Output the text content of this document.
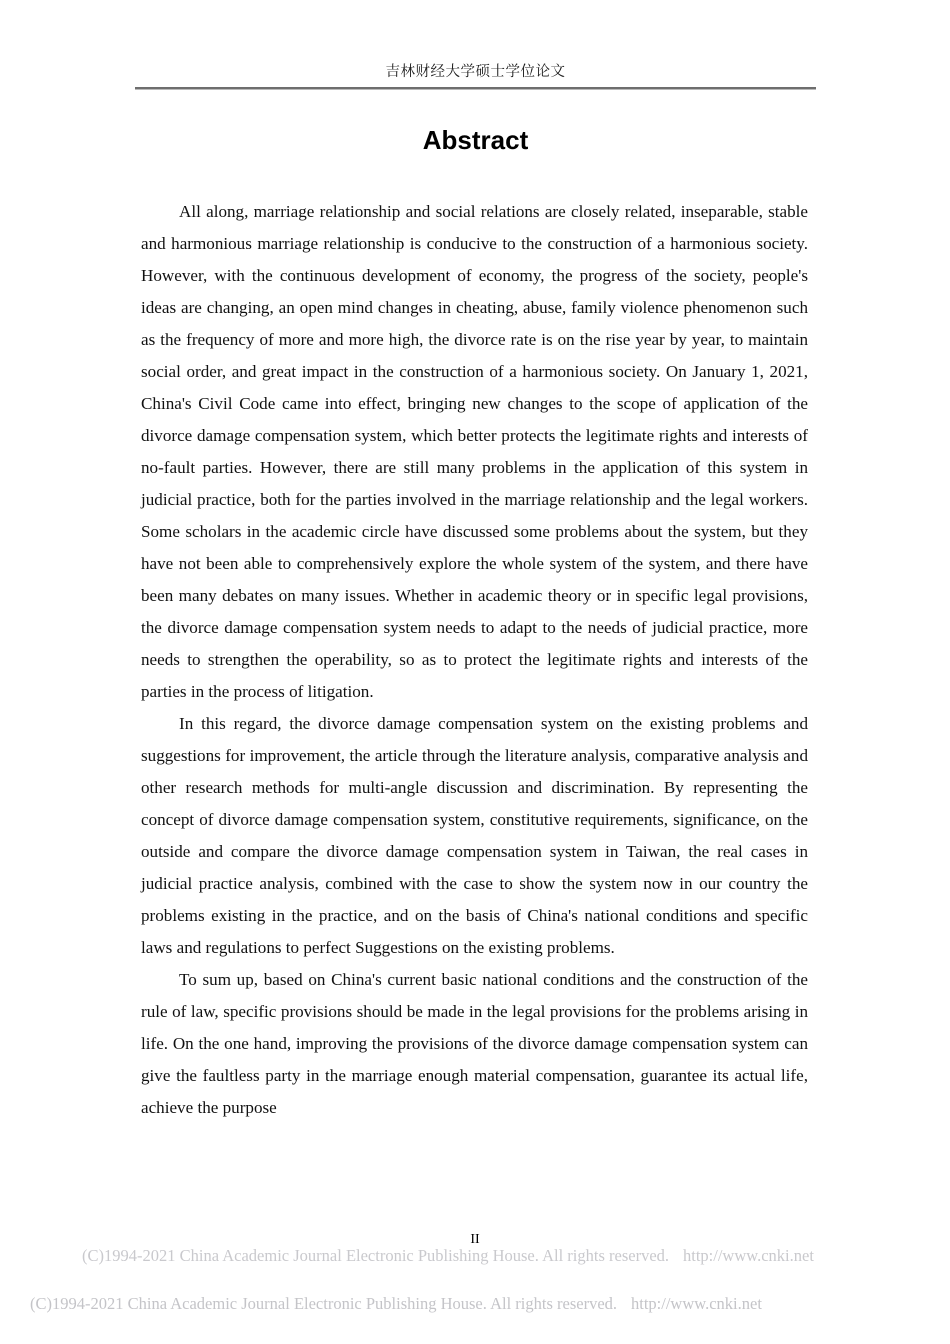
吉林财经大学硕士学位论文
Abstract

All along, marriage relationship and social relations are closely related, inseparable, stable and harmonious marriage relationship is conducive to the construction of a harmonious society. However, with the continuous development of economy, the progress of the society, people's ideas are changing, an open mind changes in cheating, abuse, family violence phenomenon such as the frequency of more and more high, the divorce rate is on the rise year by year, to maintain social order, and great impact in the construction of a harmonious society. On January 1, 2021, China's Civil Code came into effect, bringing new changes to the scope of application of the divorce damage compensation system, which better protects the legitimate rights and interests of no-fault parties. However, there are still many problems in the application of this system in judicial practice, both for the parties involved in the marriage relationship and the legal workers. Some scholars in the academic circle have discussed some problems about the system, but they have not been able to comprehensively explore the whole system of the system, and there have been many debates on many issues. Whether in academic theory or in specific legal provisions, the divorce damage compensation system needs to adapt to the needs of judicial practice, more needs to strengthen the operability, so as to protect the legitimate rights and interests of the parties in the process of litigation.

In this regard, the divorce damage compensation system on the existing problems and suggestions for improvement, the article through the literature analysis, comparative analysis and other research methods for multi-angle discussion and discrimination. By representing the concept of divorce damage compensation system, constitutive requirements, significance, on the outside and compare the divorce damage compensation system in Taiwan, the real cases in judicial practice analysis, combined with the case to show the system now in our country the problems existing in the practice, and on the basis of China's national conditions and specific laws and regulations to perfect Suggestions on the existing problems.

To sum up, based on China's current basic national conditions and the construction of the rule of law, specific provisions should be made in the legal provisions for the problems arising in life. On the one hand, improving the provisions of the divorce damage compensation system can give the faultless party in the marriage enough material compensation, guarantee its actual life, achieve the purpose

II
(C)1994-2021 China Academic Journal Electronic Publishing House. All rights reserved. http://www.cnki.net
(C)1994-2021 China Academic Journal Electronic Publishing House. All rights reserved. http://www.cnki.net
